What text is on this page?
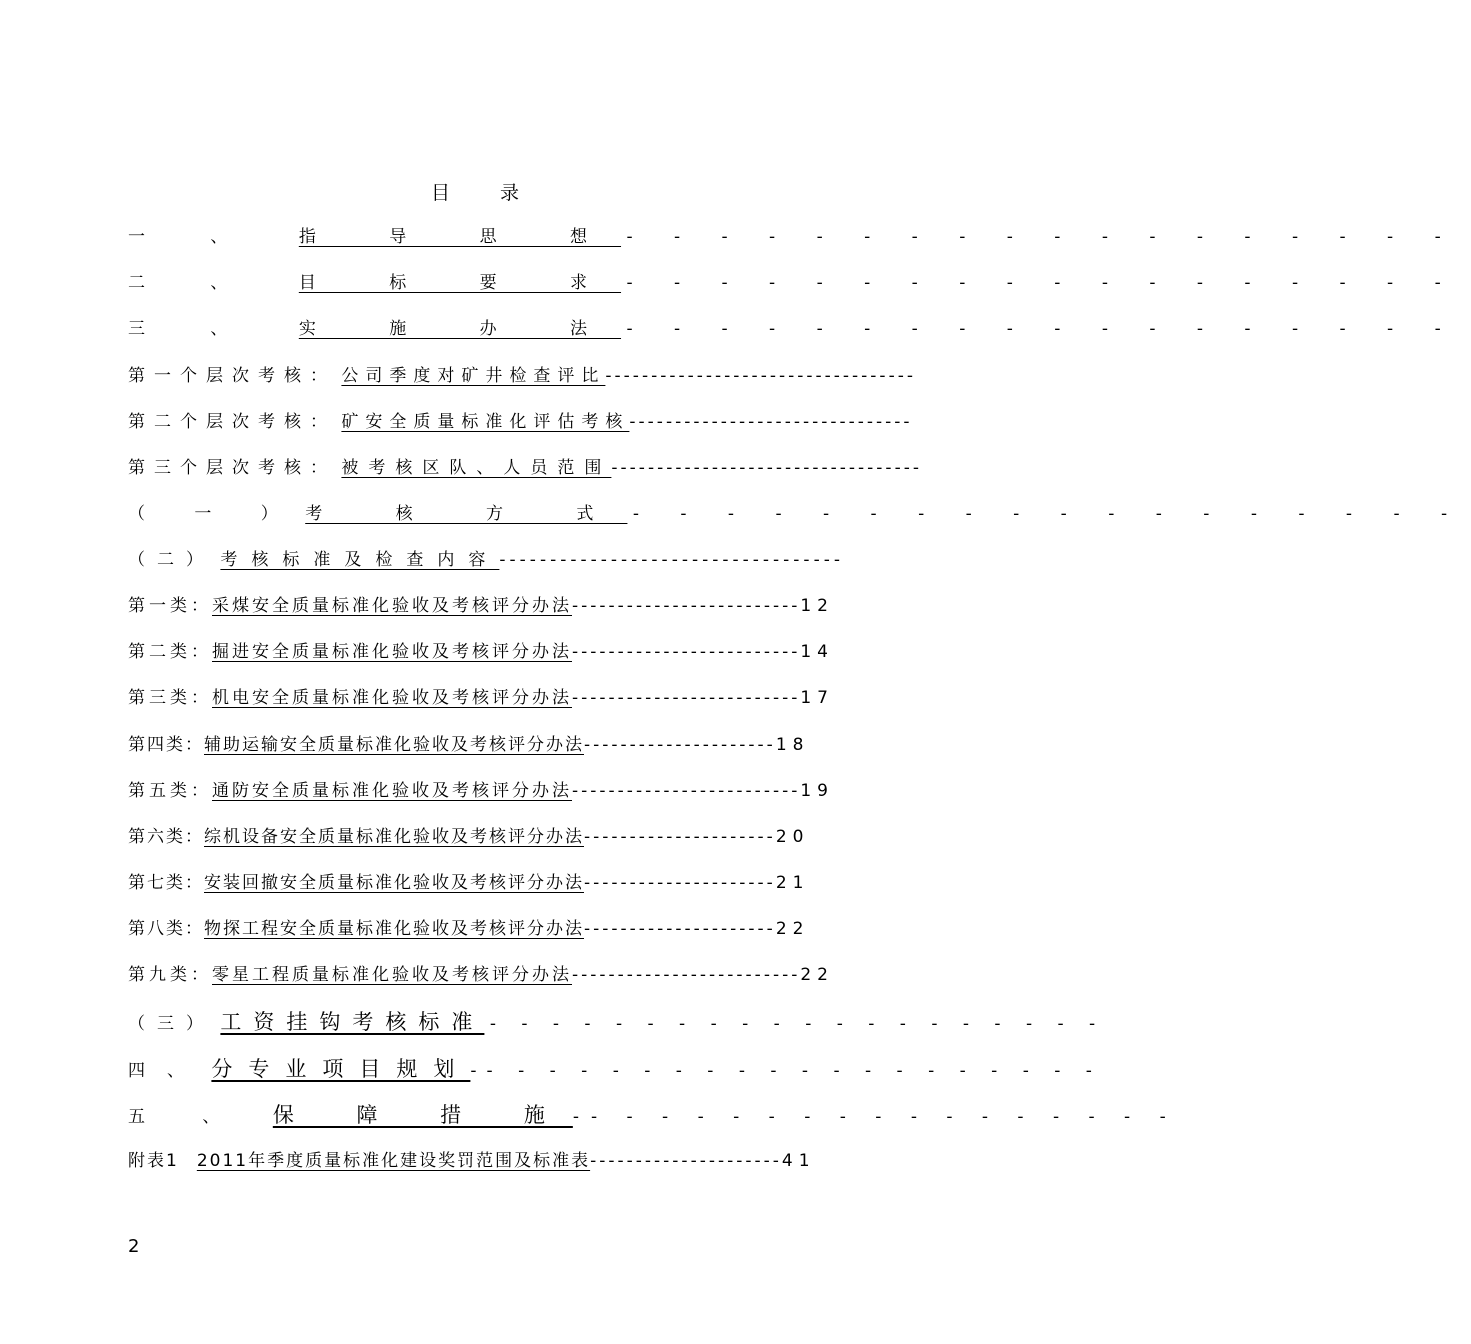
目 录
一 、 指 导 思 想 - - - - - - - - - - - - - - - - - -
二 、 目 标 要 求 - - - - - - - - - - - - - - - - - -
三 、 实 施 办 法 - - - - - - - - - - - - - - - - - -
第一个层次考核： 公司季度对矿井检查评比----------------------------------
第二个层次考核： 矿安全质量标准化评估考核-------------------------------
第三个层次考核： 被考核区队、人员范围----------------------------------
（ 一 ） 考 核 方 式 - - - - - - - - - - - - - - - - - -
（二） 考核标准及检查内容----------------------------------
第一类：采煤安全质量标准化验收及考核评分办法-------------------------12
第二类：掘进安全质量标准化验收及考核评分办法-------------------------14
第三类：机电安全质量标准化验收及考核评分办法-------------------------17
第四类：辅助运输安全质量标准化验收及考核评分办法---------------------18
第五类：通防安全质量标准化验收及考核评分办法-------------------------19
第六类：综机设备安全质量标准化验收及考核评分办法---------------------20
第七类：安装回撤安全质量标准化验收及考核评分办法---------------------21
第八类：物探工程安全质量标准化验收及考核评分办法---------------------22
第九类：零星工程质量标准化验收及考核评分办法-------------------------22
（三） 工资挂钩考核标准 - - - - - - - - - - - - - - - - - - - -
四、 分专业项目规划-- - - - - - - - - - - - - - - - - - - -
五 、 保 障 措 施-- - - - - - - - - - - - - - - - -
附表1 2011年季度质量标准化建设奖罚范围及标准表---------------------41
2
